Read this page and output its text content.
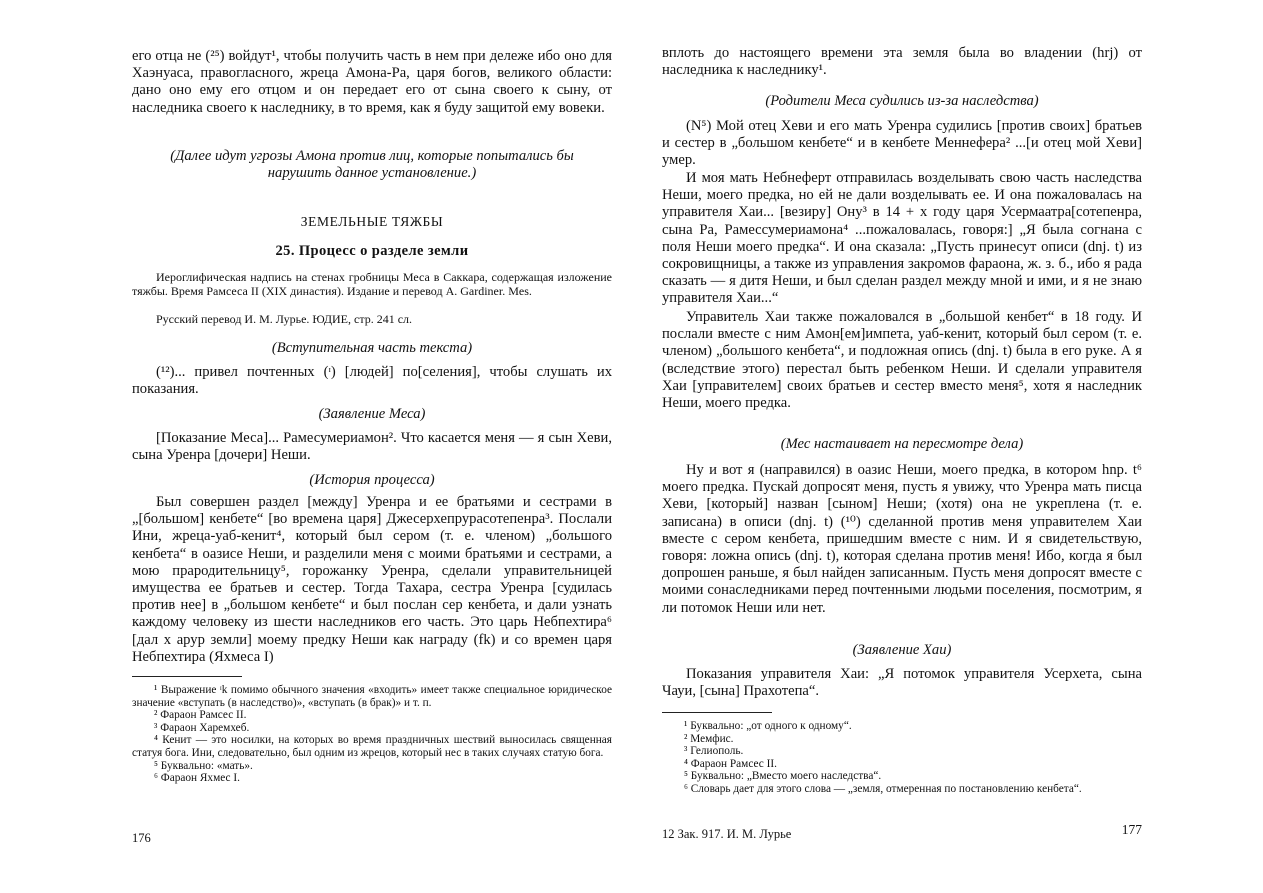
его отца не (²⁵) войдут¹, чтобы получить часть в нем при дележе ибо оно для Хаэнуаса, правогласного, жреца Амона-Ра, царя богов, великого области: дано оно ему его отцом и он передает его от сына своего к сыну, от наследника своего к наследнику, в то время, как я буду защитой ему вовеки.

(Далее идут угрозы Амона против лиц, которые попытались бы нарушить данное установление.)

ЗЕМЕЛЬНЫЕ ТЯЖБЫ

25. Процесс о разделе земли

Иероглифическая надпись на стенах гробницы Меса в Саккара, содержащая изложение тяжбы. Время Рамсеса II (XIX династия). Издание и перевод A. Gardiner. Mes.

Русский перевод И. М. Лурье. ЮДИЕ, стр. 241 сл.

(Вступительная часть текста)

(¹²)... привел почтенных (ᶦ) [людей] по[селения], чтобы слушать их показания.

(Заявление Меса)

[Показание Меса]... Рамесумериамон². Что касается меня — я сын Хеви, сына Уренра [дочери] Неши.

(История процесса)

Был совершен раздел [между] Уренра и ее братьями и сестрами в „[большом] кенбете“ [во времена царя] Джесерхепрурасотепенра³. Послали Ини, жреца-уаб-кенит⁴, который был сером (т. е. членом) „большого кенбета“ в оазисе Неши, и разделили меня с моими братьями и сестрами, а мою прародительницу⁵, горожанку Уренра, сделали управительницей имущества ее братьев и сестер. Тогда Тахара, сестра Уренра [судилась против нее] в „большом кенбете“ и был послан сер кенбета, и дали узнать каждому человеку из шести наследников его часть. Это царь Небпехтира⁶ [дал х арур земли] моему предку Неши как награду (fk) и со времен царя Небпехтира (Яхмеса I)

¹ Выражение ᶦk помимо обычного значения «входить» имеет также специальное юридическое значение «вступать (в наследство)», «вступать (в брак)» и т. п.

² Фараон Рамсес II.

³ Фараон Харемхеб.

⁴ Кенит — это носилки, на которых во время праздничных шествий выносилась священная статуя бога. Ини, следовательно, был одним из жрецов, который нес в таких случаях статую бога.

⁵ Буквально: «мать».

⁶ Фараон Яхмес I.

176

вплоть до настоящего времени эта земля была во владении (hrj) от наследника к наследнику¹.

(Родители Меса судились из-за наследства)

(N⁵) Мой отец Хеви и его мать Уренра судились [против своих] братьев и сестер в „большом кенбете“ и в кенбете Меннефера² ...[и отец мой Хеви] умер.

И моя мать Небнеферт отправилась возделывать свою часть наследства Неши, моего предка, но ей не дали возделывать ее. И она пожаловалась на управителя Хаи... [везиру] Ону³ в 14 + x году царя Усермаатра[сотепенра, сына Ра, Рамессумериамона⁴ ...пожаловалась, говоря:] „Я была согнана с поля Неши моего предка“. И она сказала: „Пусть принесут описи (dnj. t) из сокровищницы, а также из управления закромов фараона, ж. з. б., ибо я рада сказать — я дитя Неши, и был сделан раздел между мной и ими, и я не знаю управителя Хаи...“

Управитель Хаи также пожаловался в „большой кенбет“ в 18 году. И послали вместе с ним Амон[ем]импета, уаб-кенит, который был сером (т. е. членом) „большого кенбета“, и подложная опись (dnj. t) была в его руке. А я (вследствие этого) перестал быть ребенком Неши. И сделали управителя Хаи [управителем] своих братьев и сестер вместо меня⁵, хотя я наследник Неши, моего предка.

(Мес настаивает на пересмотре дела)

Ну и вот я (направился) в оазис Неши, моего предка, в котором hnp. t⁶ моего предка. Пускай допросят меня, пусть я увижу, что Уренра мать писца Хеви, [который] назван [сыном] Неши; (хотя) она не укреплена (т. е. записана) в описи (dnj. t) (¹⁰) сделанной против меня управителем Хаи вместе с сером кенбета, пришедшим вместе с ним. И я свидетельствую, говоря: ложна опись (dnj. t), которая сделана против меня! Ибо, когда я был допрошен раньше, я был найден записанным. Пусть меня допросят вместе с моими сонаследниками перед почтенными людьми поселения, посмотрим, я ли потомок Неши или нет.

(Заявление Хаи)

Показания управителя Хаи: „Я потомок управителя Усерхета, сына Чауи, [сына] Прахотепа“.

¹ Буквально: „от одного к одному“.

² Мемфис.

³ Гелиополь.

⁴ Фараон Рамсес II.

⁵ Буквально: „Вместо моего наследства“.

⁶ Словарь дает для этого слова — „земля, отмеренная по постановлению кенбета“.

12 Зак. 917. И. М. Лурье	177
